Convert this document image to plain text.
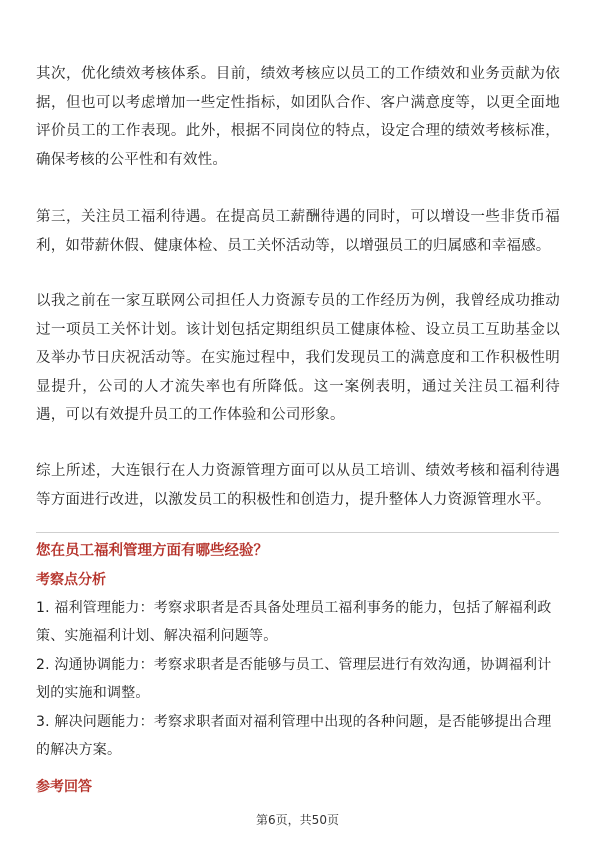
其次，优化绩效考核体系。目前，绩效考核应以员工的工作绩效和业务贡献为依据，但也可以考虑增加一些定性指标，如团队合作、客户满意度等，以更全面地评价员工的工作表现。此外，根据不同岗位的特点，设定合理的绩效考核标准，确保考核的公平性和有效性。

第三，关注员工福利待遇。在提高员工薪酬待遇的同时，可以增设一些非货币福利，如带薪休假、健康体检、员工关怀活动等，以增强员工的归属感和幸福感。

以我之前在一家互联网公司担任人力资源专员的工作经历为例，我曾经成功推动过一项员工关怀计划。该计划包括定期组织员工健康体检、设立员工互助基金以及举办节日庆祝活动等。在实施过程中，我们发现员工的满意度和工作积极性明显提升，公司的人才流失率也有所降低。这一案例表明，通过关注员工福利待遇，可以有效提升员工的工作体验和公司形象。

综上所述，大连银行在人力资源管理方面可以从员工培训、绩效考核和福利待遇等方面进行改进，以激发员工的积极性和创造力，提升整体人力资源管理水平。

您在员工福利管理方面有哪些经验？

考察点分析

1. 福利管理能力：考察求职者是否具备处理员工福利事务的能力，包括了解福利政策、实施福利计划、解决福利问题等。

2. 沟通协调能力：考察求职者是否能够与员工、管理层进行有效沟通，协调福利计划的实施和调整。

3. 解决问题能力：考察求职者面对福利管理中出现的各种问题，是否能够提出合理的解决方案。

参考回答

第6页，共50页
